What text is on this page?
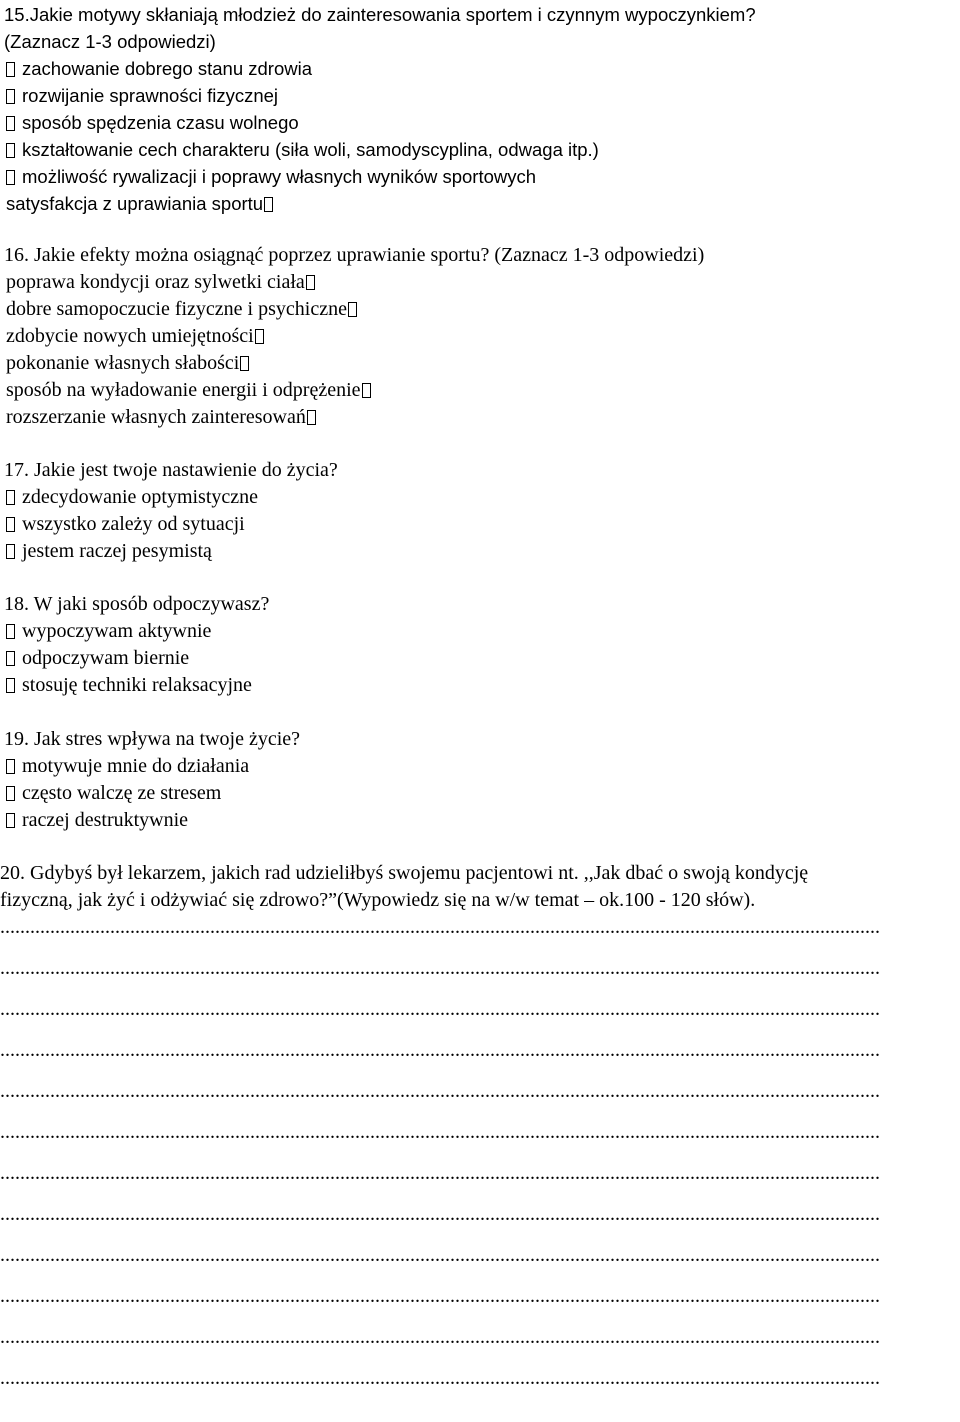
15.Jakie motywy skłaniają młodzież do zainteresowania sportem i czynnym wypoczynkiem?
(Zaznacz 1-3 odpowiedzi)
zachowanie dobrego stanu zdrowia
rozwijanie sprawności fizycznej
sposób spędzenia czasu wolnego
kształtowanie cech charakteru (siła woli, samodyscyplina, odwaga itp.)
możliwość rywalizacji i poprawy własnych wyników sportowych
satysfakcja z uprawiania sportu
16. Jakie efekty można osiągnąć poprzez uprawianie sportu? (Zaznacz 1-3 odpowiedzi)
poprawa kondycji oraz sylwetki ciała
dobre samopoczucie fizyczne i psychiczne
zdobycie nowych umiejętności
pokonanie własnych słabości
sposób na wyładowanie energii i odprężenie
rozszerzanie własnych zainteresowań
17. Jakie jest twoje nastawienie do życia?
zdecydowanie optymistyczne
wszystko zależy od sytuacji
jestem raczej pesymistą
18. W jaki sposób odpoczywasz?
wypoczywam aktywnie
odpoczywam biernie
stosuję techniki relaksacyjne
19. Jak stres wpływa na twoje życie?
motywuje mnie do działania
często walczę ze stresem
raczej destruktywnie
20. Gdybyś był lekarzem, jakich rad udzieliłbyś swojemu pacjentowi nt. ,,Jak dbać o swoją kondycję
fizyczną, jak żyć i odżywiać się zdrowo?”(Wypowiedz się na w/w temat – ok.100 - 120 słów).
................................................................................................................................................................................
................................................................................................................................................................................
................................................................................................................................................................................
................................................................................................................................................................................
................................................................................................................................................................................
................................................................................................................................................................................
................................................................................................................................................................................
................................................................................................................................................................................
................................................................................................................................................................................
................................................................................................................................................................................
................................................................................................................................................................................
................................................................................................................................................................................
